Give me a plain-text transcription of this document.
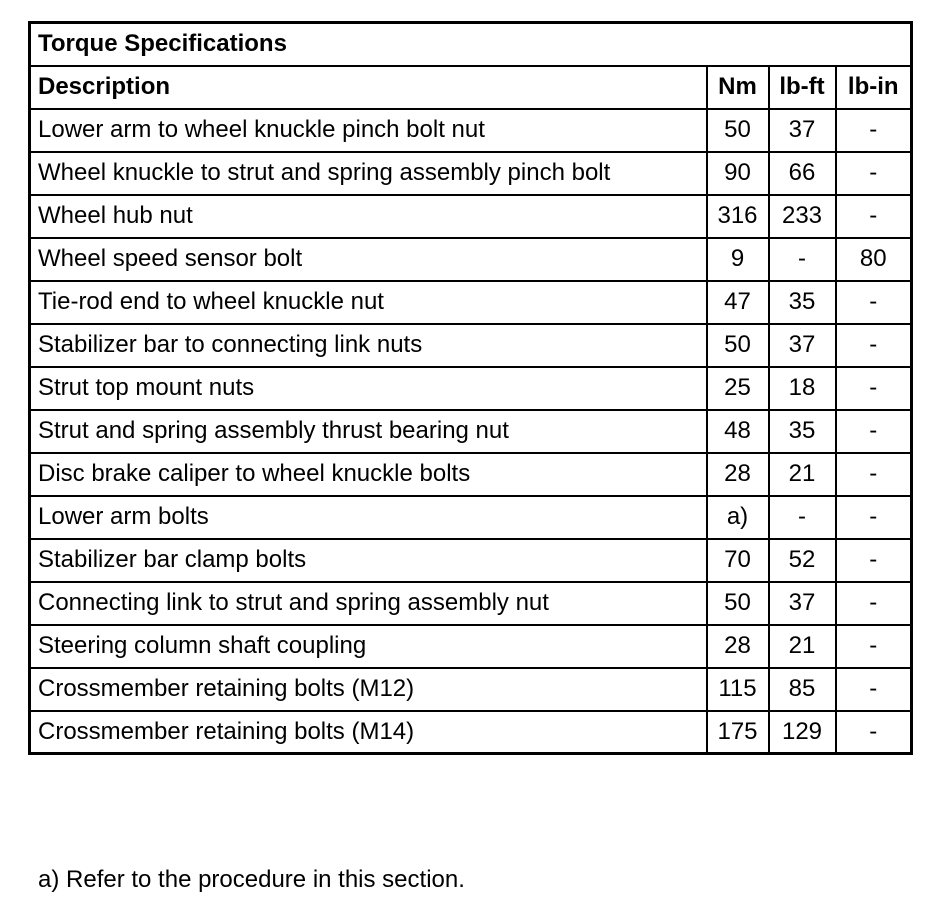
Torque Specifications			
Description	Nm	lb-ft	lb-in
Lower arm to wheel knuckle pinch bolt nut	50	37	-
Wheel knuckle to strut and spring assembly pinch bolt	90	66	-
Wheel hub nut	316	233	-
Wheel speed sensor bolt	9	-	80
Tie-rod end to wheel knuckle nut	47	35	-
Stabilizer bar to connecting link nuts	50	37	-
Strut top mount nuts	25	18	-
Strut and spring assembly thrust bearing nut	48	35	-
Disc brake caliper to wheel knuckle bolts	28	21	-
Lower arm bolts	a)	-	-
Stabilizer bar clamp bolts	70	52	-
Connecting link to strut and spring assembly nut	50	37	-
Steering column shaft coupling	28	21	-
Crossmember retaining bolts (M12)	115	85	-
Crossmember retaining bolts (M14)	175	129	-
a) Refer to the procedure in this section.
